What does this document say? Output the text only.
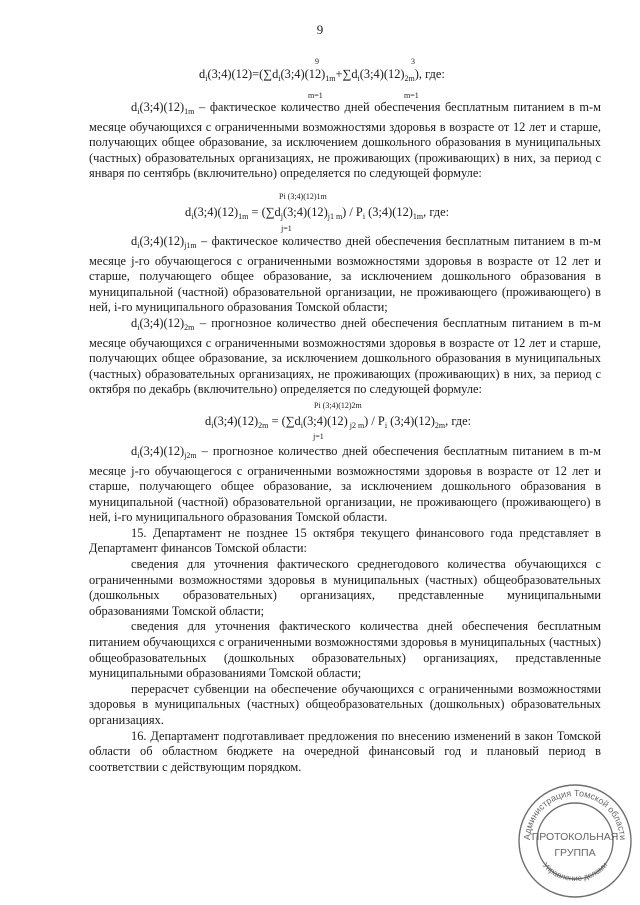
9
9
m=1
3
m=1
$d_i(3;4)(12)=(\sum d_i(3;4)(12)_{1m}+\sum d_i(3;4)(12)_{2m})$, где:

$d_i(3;4)(12)_{1m}$ – фактическое количество дней обеспечения бесплатным питанием в m-м месяце обучающихся с ограниченными возможностями здоровья в возрасте от 12 лет и старше, получающих общее образование, за исключением дошкольного образования в муниципальных (частных) образовательных организациях, не проживающих (проживающих) в них, за период с января по сентябрь (включительно) определяется по следующей формуле:

Pi (3;4)(12)1m
j=1
$d_i(3;4)(12)_{1m}$ = $(\sum d_j(3;4)(12)_{j1 m}) / P_i$ $(3;4)(12)_{1m}$, где:

$d_i(3;4)(12)_{j1m}$ – фактическое количество дней обеспечения бесплатным питанием в m-м месяце j-го обучающегося с ограниченными возможностями здоровья в возрасте от 12 лет и старше, получающего общее образование, за исключением дошкольного образования в муниципальной (частной) образовательной организации, не проживающего (проживающего) в ней, i-го муниципального образования Томской области;

$d_i(3;4)(12)_{2m}$ – прогнозное количество дней обеспечения бесплатным питанием в m-м месяце обучающихся с ограниченными возможностями здоровья в возрасте от 12 лет и старше, получающих общее образование, за исключением дошкольного образования в муниципальных (частных) образовательных организациях, не проживающих (проживающих) в них, за период с октября по декабрь (включительно) определяется по следующей формуле:

Pi (3;4)(12)2m
j=1
$d_i(3;4)(12)_{2m}$ = ($\sum d_i(3;4)(12)$ $_{j2 m}) / P_i$ $(3;4)(12)_{2m}$, где:

$d_i(3;4)(12)_{j2m}$ – прогнозное количество дней обеспечения бесплатным питанием в m-м месяце j-го обучающегося с ограниченными возможностями здоровья в возрасте от 12 лет и старше, получающего общее образование, за исключением дошкольного образования в муниципальной (частной) образовательной организации, не проживающего (проживающего) в ней, i-го муниципального образования Томской области.

15. Департамент не позднее 15 октября текущего финансового года представляет в Департамент финансов Томской области:

сведения для уточнения фактического среднегодового количества обучающихся с ограниченными возможностями здоровья в муниципальных (частных) общеобразовательных (дошкольных образовательных) организациях, представленные муниципальными образованиями Томской области;

сведения для уточнения фактического количества дней обеспечения бесплатным питанием обучающихся с ограниченными возможностями здоровья в муниципальных (частных) общеобразовательных (дошкольных образовательных) организациях, представленные муниципальными образованиями Томской области;

перерасчет субвенции на обеспечение обучающихся с ограниченными возможностями здоровья в муниципальных (частных) общеобразовательных (дошкольных) образовательных организациях.

16. Департамент подготавливает предложения по внесению изменений в закон Томской области об областном бюджете на очередной финансовый год и плановый период в соответствии с действующим порядком.

Администрация Томской области
Управление делами
ПРОТОКОЛЬНАЯ
ГРУППА
